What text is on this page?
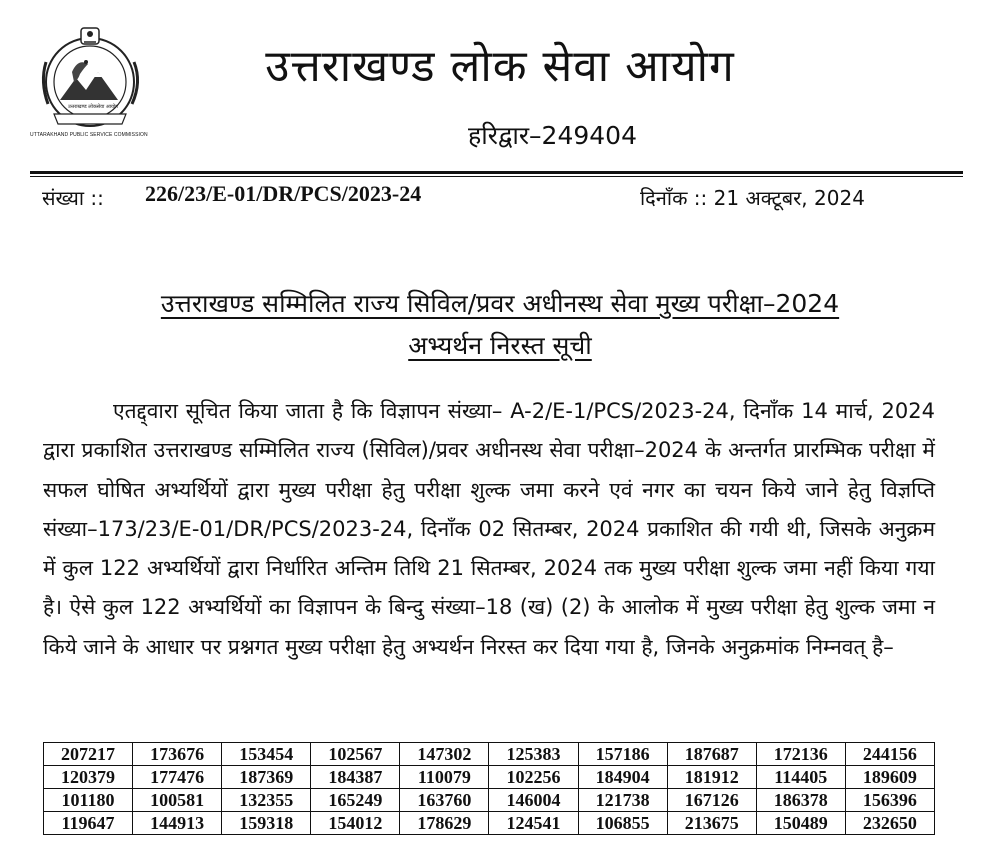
UTTARAKHAND PUBLIC SERVICE COMMISSION
उत्तराखण्ड लोकसेवा आयोग
उत्तराखण्ड लोक सेवा आयोग
हरिद्वार–249404
संख्या :: 226/23/E-01/DR/PCS/2023-24	दिनाँक :: 21 अक्टूबर, 2024
उत्तराखण्ड सम्मिलित राज्य सिविल/प्रवर अधीनस्थ सेवा मुख्य परीक्षा–2024
अभ्यर्थन निरस्त सूची
एतद्द्वारा सूचित किया जाता है कि विज्ञापन संख्या– A-2/E-1/PCS/2023-24, दिनाँक 14 मार्च, 2024 द्वारा प्रकाशित उत्तराखण्ड सम्मिलित राज्य (सिविल)/प्रवर अधीनस्थ सेवा परीक्षा–2024 के अन्तर्गत प्रारम्भिक परीक्षा में सफल घोषित अभ्यर्थियों द्वारा मुख्य परीक्षा हेतु परीक्षा शुल्क जमा करने एवं नगर का चयन किये जाने हेतु विज्ञप्ति संख्या–173/23/E-01/DR/PCS/2023-24, दिनाँक 02 सितम्बर, 2024 प्रकाशित की गयी थी, जिसके अनुक्रम में कुल 122 अभ्यर्थियों द्वारा निर्धारित अन्तिम तिथि 21 सितम्बर, 2024 तक मुख्य परीक्षा शुल्क जमा नहीं किया गया है। ऐसे कुल 122 अभ्यर्थियों का विज्ञापन के बिन्दु संख्या–18 (ख) (2) के आलोक में मुख्य परीक्षा हेतु शुल्क जमा न किये जाने के आधार पर प्रश्नगत मुख्य परीक्षा हेतु अभ्यर्थन निरस्त कर दिया गया है, जिनके अनुक्रमांक निम्नवत् है–
207217	173676	153454	102567	147302	125383	157186	187687	172136	244156
120379	177476	187369	184387	110079	102256	184904	181912	114405	189609
101180	100581	132355	165249	163760	146004	121738	167126	186378	156396
119647	144913	159318	154012	178629	124541	106855	213675	150489	232650
